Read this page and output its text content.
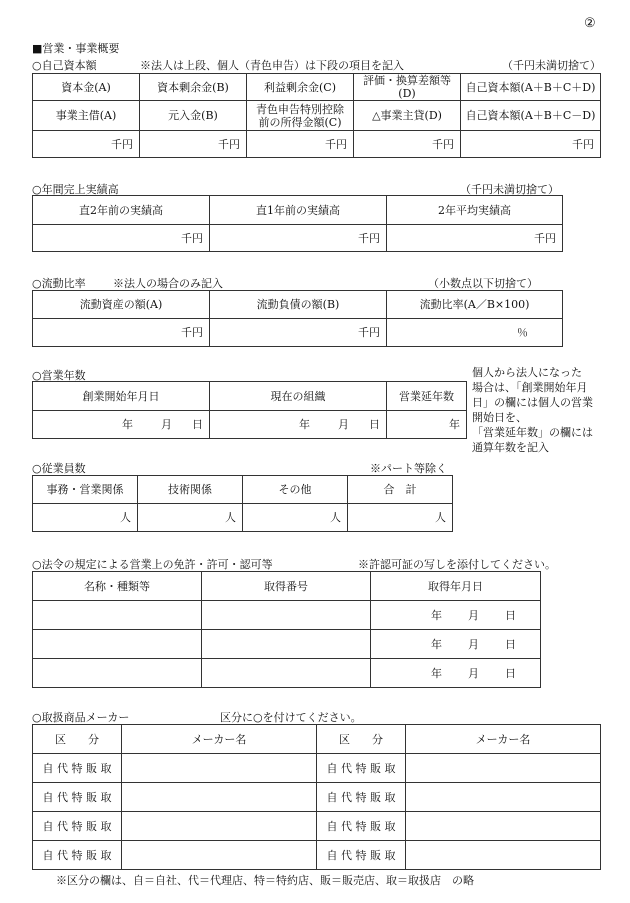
②
■営業・事業概要
○自己資本額	※法人は上段、個人（青色申告）は下段の項目を記入	（千円未満切捨て）
資本金(A)	資本剰余金(B)	利益剰余金(C)	評価・換算差額等(D)	自己資本額(A＋B＋C＋D)
事業主借(A)	元入金(B)	青色申告特別控除前の所得金額(C)	△事業主貸(D)	自己資本額(A＋B＋C－D)
千円	千円	千円	千円	千円
○年間完上実績高	（千円未満切捨て）
直2年前の実績高	直1年前の実績高	2年平均実績高
千円	千円	千円
○流動比率 ※法人の場合のみ記入	（小数点以下切捨て）
流動資産の額(A)	流動負債の額(B)	流動比率(A／B×100)
千円	千円	％
○営業年数
創業開始年月日	現在の組織	営業延年数
年 月 日	年 月 日	年
個人から法人になった
場合は、「創業開始年月
日」の欄には個人の営業
開始日を、
「営業延年数」の欄には
通算年数を記入
○従業員数	※パート等除く
事務・営業関係	技術関係	その他	合　計
人	人	人	人
○法令の規定による営業上の免許・許可・認可等	※許認可証の写しを添付してください。
名称・種類等	取得番号	取得年月日
		年 月 日
		年 月 日
		年 月 日
○取扱商品メーカー	区分に○を付けてください。
区　　分	メーカー名	区　　分	メーカー名
自 代 特 販 取		自 代 特 販 取	
自 代 特 販 取		自 代 特 販 取	
自 代 特 販 取		自 代 特 販 取	
自 代 特 販 取		自 代 特 販 取	
※区分の欄は、自＝自社、代＝代理店、特＝特約店、販＝販売店、取＝取扱店　の略
